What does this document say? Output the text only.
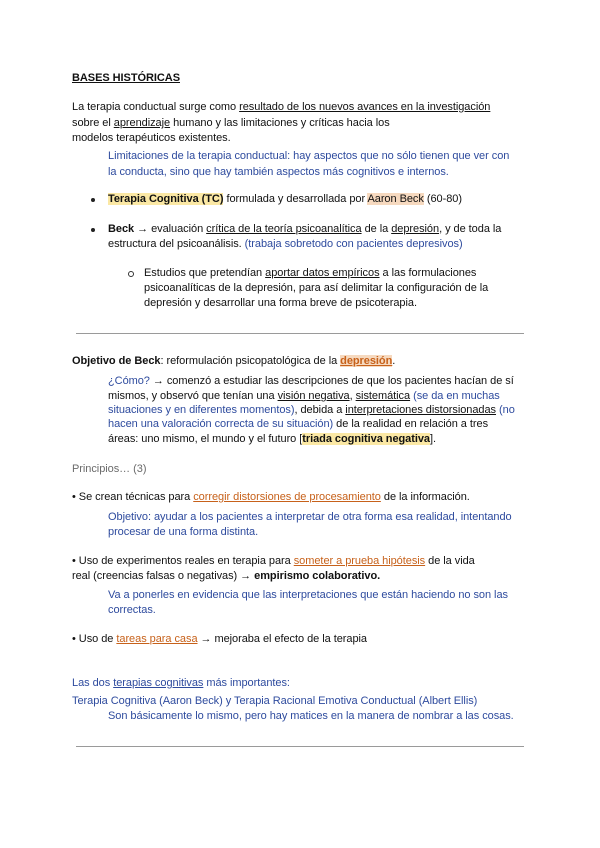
BASES HISTÓRICAS
La terapia conductual surge como resultado de los nuevos avances en la investigación
sobre el aprendizaje humano y las limitaciones y críticas hacia los
modelos terapéuticos existentes.
Limitaciones de la terapia conductual: hay aspectos que no sólo tienen que ver con
la conducta, sino que hay también aspectos más cognitivos e internos.
Terapia Cognitiva (TC) formulada y desarrollada por Aaron Beck (60-80)
Beck → evaluación crítica de la teoría psicoanalítica de la depresión, y de toda la
estructura del psicoanálisis. (trabaja sobretodo con pacientes depresivos)
Estudios que pretendían aportar datos empíricos a las formulaciones
psicoanalíticas de la depresión, para así delimitar la configuración de la
depresión y desarrollar una forma breve de psicoterapia.
Objetivo de Beck: reformulación psicopatológica de la depresión.
¿Cómo? → comenzó a estudiar las descripciones de que los pacientes hacían de sí
mismos, y observó que tenían una visión negativa, sistemática (se da en muchas
situaciones y en diferentes momentos), debida a interpretaciones distorsionadas (no
hacen una valoración correcta de su situación) de la realidad en relación a tres
áreas: uno mismo, el mundo y el futuro [triada cognitiva negativa].
Principios… (3)
• Se crean técnicas para corregir distorsiones de procesamiento de la información.
Objetivo: ayudar a los pacientes a interpretar de otra forma esa realidad, intentando
procesar de una forma distinta.
• Uso de experimentos reales en terapia para someter a prueba hipótesis de la vida
real (creencias falsas o negativas) → empirismo colaborativo.
Va a ponerles en evidencia que las interpretaciones que están haciendo no son las
correctas.
• Uso de tareas para casa → mejoraba el efecto de la terapia
Las dos terapias cognitivas más importantes:
Terapia Cognitiva (Aaron Beck) y Terapia Racional Emotiva Conductual (Albert Ellis)
Son básicamente lo mismo, pero hay matices en la manera de nombrar a las cosas.
